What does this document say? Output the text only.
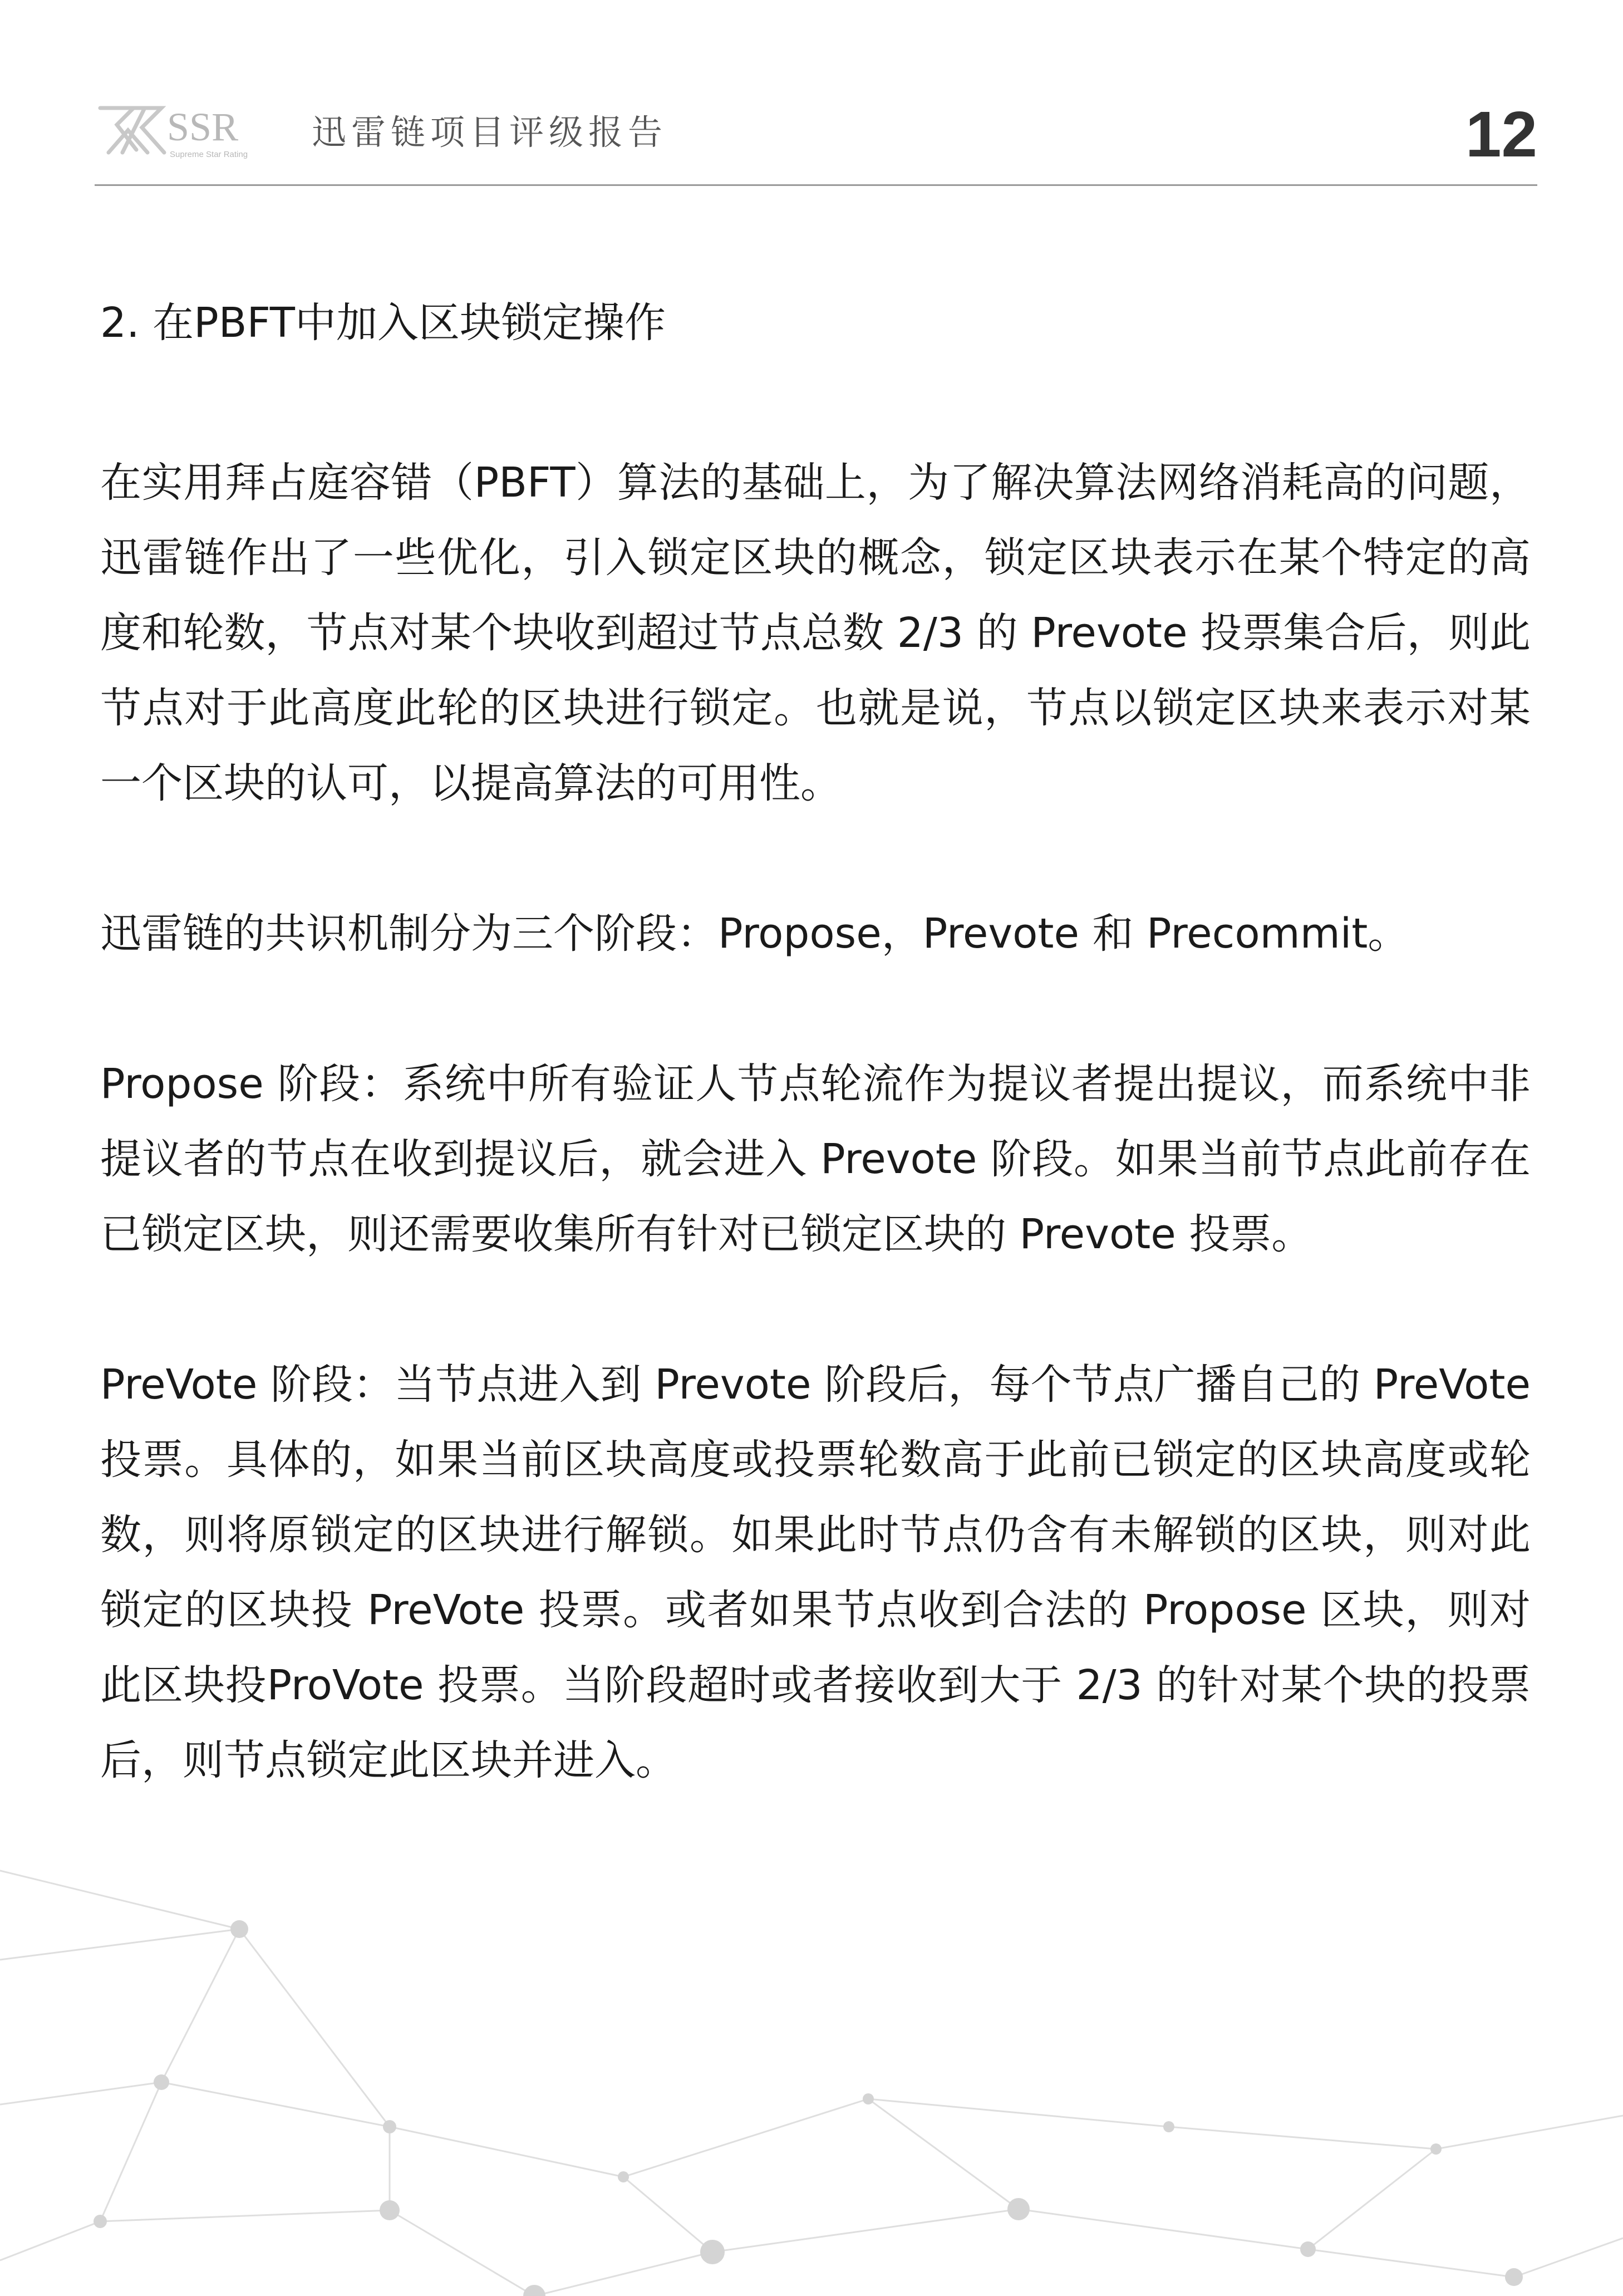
SSR
Supreme Star Rating
迅雷链项目评级报告	12

2. 在PBFT中加入区块锁定操作

在实用拜占庭容错（PBFT）算法的基础上，为了解决算法网络消耗高的问题，迅雷链作出了一些优化，引入锁定区块的概念，锁定区块表示在某个特定的高度和轮数，节点对某个块收到超过节点总数 2/3 的 Prevote 投票集合后，则此节点对于此高度此轮的区块进行锁定。也就是说，节点以锁定区块来表示对某一个区块的认可，以提高算法的可用性。

迅雷链的共识机制分为三个阶段：Propose，Prevote 和 Precommit。

Propose 阶段：系统中所有验证人节点轮流作为提议者提出提议，而系统中非提议者的节点在收到提议后，就会进入 Prevote 阶段。如果当前节点此前存在已锁定区块，则还需要收集所有针对已锁定区块的 Prevote 投票。

PreVote 阶段：当节点进入到 Prevote 阶段后，每个节点广播自己的 PreVote 投票。具体的，如果当前区块高度或投票轮数高于此前已锁定的区块高度或轮数，则将原锁定的区块进行解锁。如果此时节点仍含有未解锁的区块，则对此锁定的区块投 PreVote 投票。或者如果节点收到合法的 Propose 区块，则对此区块投ProVote 投票。当阶段超时或者接收到大于 2/3 的针对某个块的投票后，则节点锁定此区块并进入。
